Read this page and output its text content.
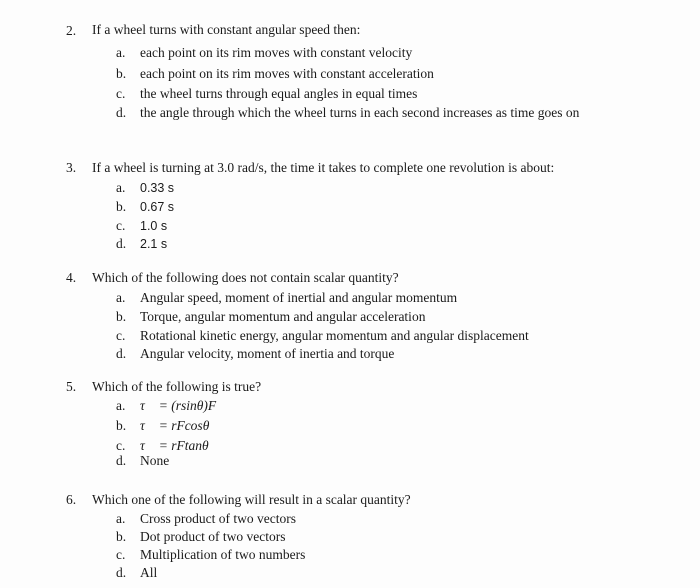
2. If a wheel turns with constant angular speed then:
a. each point on its rim moves with constant velocity
b. each point on its rim moves with constant acceleration
c. the wheel turns through equal angles in equal times
d. the angle through which the wheel turns in each second increases as time goes on
3. If a wheel is turning at 3.0 rad/s, the time it takes to complete one revolution is about:
a. 0.33 s
b. 0.67 s
c. 1.0 s
d. 2.1 s
4. Which of the following does not contain scalar quantity?
a. Angular speed, moment of inertial and angular momentum
b. Torque, angular momentum and angular acceleration
c. Rotational kinetic energy, angular momentum and angular displacement
d. Angular velocity, moment of inertia and torque
5. Which of the following is true?
a. τ⃗ = (rsinθ)F
b. τ⃗ = rFcosθ
c. τ⃗ = rFtanθ
d. None
6. Which one of the following will result in a scalar quantity?
a. Cross product of two vectors
b. Dot product of two vectors
c. Multiplication of two numbers
d. All
